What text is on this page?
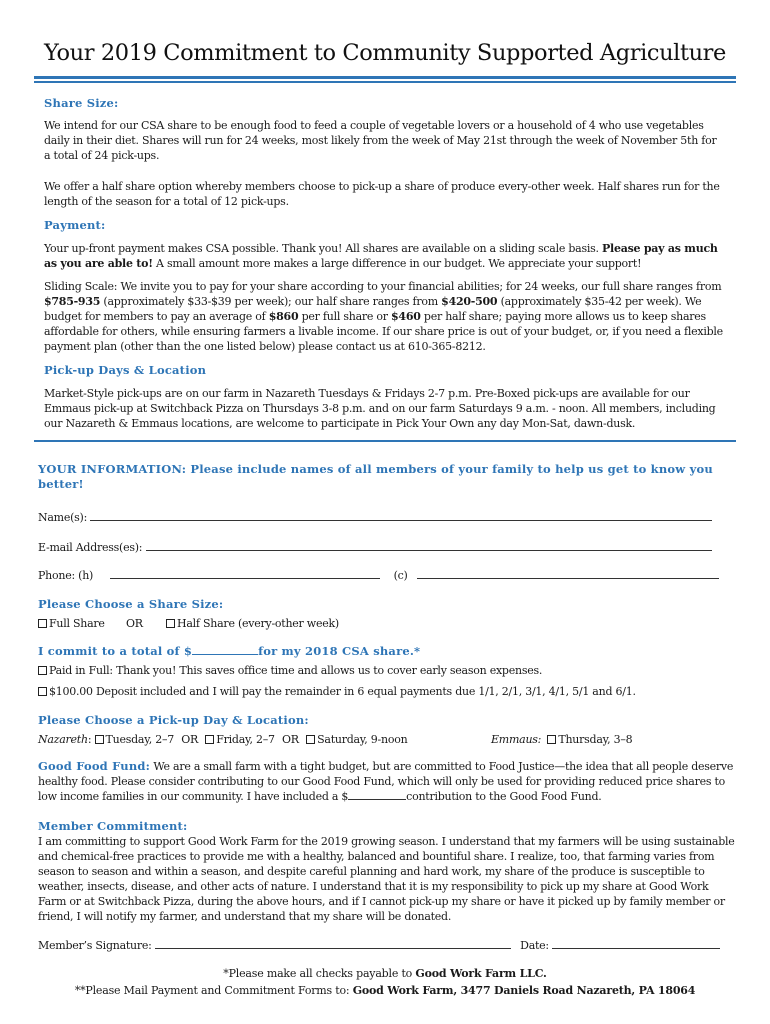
Your 2019 Commitment to Community Supported Agriculture
Share Size:
We intend for our CSA share to be enough food to feed a couple of vegetable lovers or a household of 4 who use vegetables daily in their diet. Shares will run for 24 weeks, most likely from the week of May 21st through the week of November 5th for a total of 24 pick-ups.
We offer a half share option whereby members choose to pick-up a share of produce every-other week. Half shares run for the length of the season for a total of 12 pick-ups.
Payment:
Your up-front payment makes CSA possible. Thank you! All shares are available on a sliding scale basis. Please pay as much as you are able to! A small amount more makes a large difference in our budget. We appreciate your support!
Sliding Scale: We invite you to pay for your share according to your financial abilities; for 24 weeks, our full share ranges from $785-935 (approximately $33-$39 per week); our half share ranges from $420-500 (approximately $35-42 per week). We budget for members to pay an average of $860 per full share or $460 per half share; paying more allows us to keep shares affordable for others, while ensuring farmers a livable income. If our share price is out of your budget, or, if you need a flexible payment plan (other than the one listed below) please contact us at 610-365-8212.
Pick-up Days & Location
Market-Style pick-ups are on our farm in Nazareth Tuesdays & Fridays 2-7 p.m. Pre-Boxed pick-ups are available for our Emmaus pick-up at Switchback Pizza on Thursdays 3-8 p.m. and on our farm Saturdays 9 a.m. - noon. All members, including our Nazareth & Emmaus locations, are welcome to participate in Pick Your Own any day Mon-Sat, dawn-dusk.
YOUR INFORMATION: Please include names of all members of your family to help us get to know you better!
Name(s):
E-mail Address(es):
Phone: (h)	(c)
Please Choose a Share Size:
Full Share OR	Half Share (every-other week)
I commit to a total of $	for my 2018 CSA share.*
Paid in Full: Thank you! This saves office time and allows us to cover early season expenses.
$100.00 Deposit included and I will pay the remainder in 6 equal payments due 1/1, 2/1, 3/1, 4/1, 5/1 and 6/1.
Please Choose a Pick-up Day & Location:
Nazareth: Tuesday, 2–7 OR Friday, 2–7 OR Saturday, 9-noon	Emmaus: Thursday, 3–8
Good Food Fund: We are a small farm with a tight budget, but are committed to Food Justice—the idea that all people deserve healthy food. Please consider contributing to our Good Food Fund, which will only be used for providing reduced price shares to low income families in our community. I have included a $	contribution to the Good Food Fund.
Member Commitment:
I am committing to support Good Work Farm for the 2019 growing season. I understand that my farmers will be using sustainable and chemical-free practices to provide me with a healthy, balanced and bountiful share. I realize, too, that farming varies from season to season and within a season, and despite careful planning and hard work, my share of the produce is susceptible to weather, insects, disease, and other acts of nature. I understand that it is my responsibility to pick up my share at Good Work Farm or at Switchback Pizza, during the above hours, and if I cannot pick-up my share or have it picked up by family member or friend, I will notify my farmer, and understand that my share will be donated.
Member’s Signature:	Date:
*Please make all checks payable to Good Work Farm LLC.
**Please Mail Payment and Commitment Forms to: Good Work Farm, 3477 Daniels Road Nazareth, PA 18064
